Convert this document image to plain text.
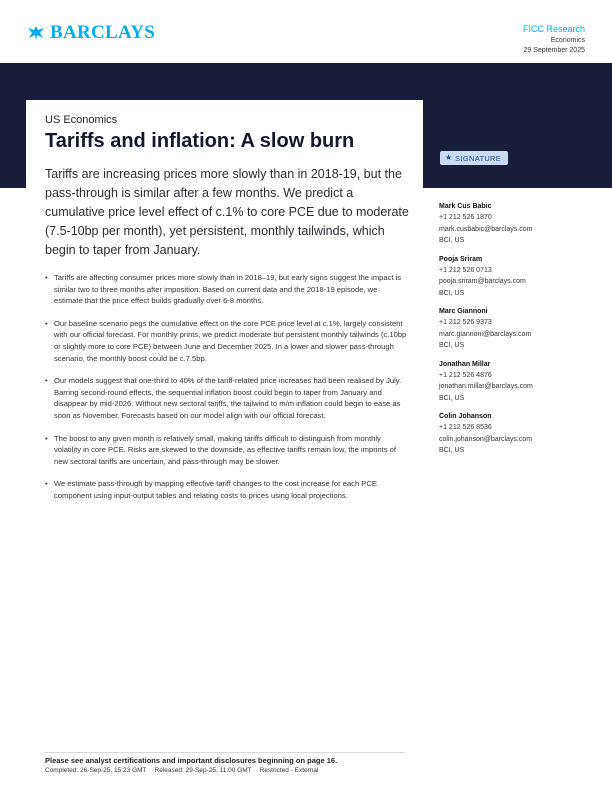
BARCLAYS	FICC Research
Economics
29 September 2025
US Economics
Tariffs and inflation: A slow burn

Tariffs are increasing prices more slowly than in 2018-19, but the pass-through is similar after a few months. We predict a cumulative price level effect of c.1% to core PCE due to moderate (7.5-10bp per month), yet persistent, monthly tailwinds, which begin to taper from January.

• Tariffs are affecting consumer prices more slowly than in 2018–19, but early signs suggest the impact is similar two to three months after imposition. Based on current data and the 2018-19 episode, we estimate that the price effect builds gradually over 6-8 months.
• Our baseline scenario pegs the cumulative effect on the core PCE price level at c.1%, largely consistent with our official forecast. For monthly prints, we predict moderate but persistent monthly tailwinds (c.10bp or slightly more to core PCE) between June and December 2025. In a lower and slower pass-through scenario, the monthly boost could be c.7.5bp.
• Our models suggest that one-third to 40% of the tariff-related price increases had been realised by July. Barring second-round effects, the sequential inflation boost could begin to taper from January and disappear by mid-2026. Without new sectoral tariffs, the tailwind to m/m inflation could begin to ease as soon as November. Forecasts based on our model align with our official forecast.
• The boost to any given month is relatively small, making tariffs difficult to distinguish from monthly volatility in core PCE. Risks are skewed to the downside, as effective tariffs remain low, the imprints of new sectoral tariffs are uncertain, and pass-through may be slower.
• We estimate pass-through by mapping effective tariff changes to the cost increase for each PCE component using input-output tables and relating costs to prices using local projections.
★ SIGNATURE
Mark Cus Babic
+1 212 526 1870
mark.cusbabic@barclays.com
BCI, US
Pooja Sriram
+1 212 526 0713
pooja.sriram@barclays.com
BCI, US
Marc Giannoni
+1 212 526 9373
marc.giannoni@barclays.com
BCI, US
Jonathan Millar
+1 212 526 4876
jonathan.millar@barclays.com
BCI, US
Colin Johanson
+1 212 526 8536
colin.johanson@barclays.com
BCI, US
Please see analyst certifications and important disclosures beginning on page 16.
Completed: 26-Sep-25, 15:23 GMT Released: 29-Sep-25, 11:00 GMT Restricted - External
